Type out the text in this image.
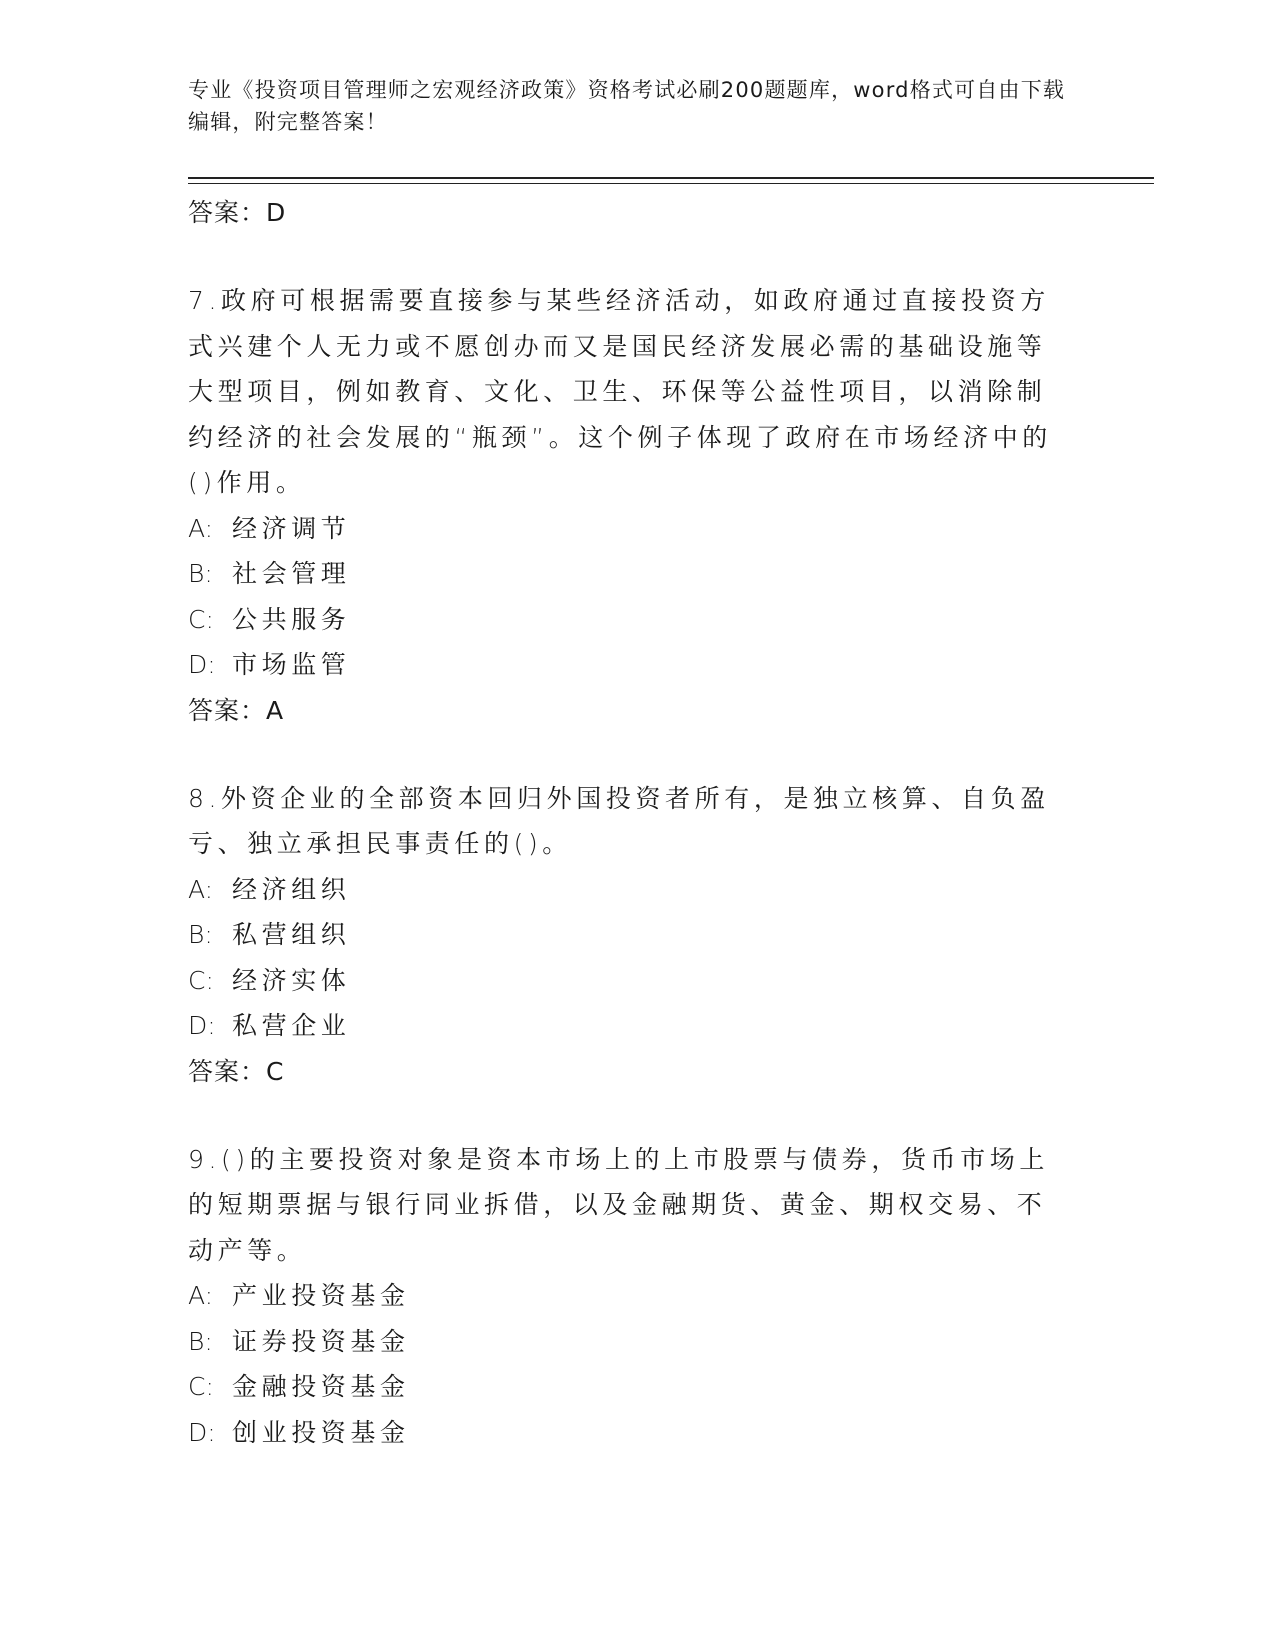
专业《投资项目管理师之宏观经济政策》资格考试必刷200题题库，word格式可自由下载编辑，附完整答案！
答案：D
7.政府可根据需要直接参与某些经济活动，如政府通过直接投资方式兴建个人无力或不愿创办而又是国民经济发展必需的基础设施等大型项目，例如教育、文化、卫生、环保等公益性项目，以消除制约经济的社会发展的“瓶颈”。这个例子体现了政府在市场经济中的()作用。
A: 经济调节
B: 社会管理
C: 公共服务
D: 市场监管
答案：A
8.外资企业的全部资本回归外国投资者所有，是独立核算、自负盈亏、独立承担民事责任的()。
A: 经济组织
B: 私营组织
C: 经济实体
D: 私营企业
答案：C
9.()的主要投资对象是资本市场上的上市股票与债券，货币市场上的短期票据与银行同业拆借，以及金融期货、黄金、期权交易、不动产等。
A: 产业投资基金
B: 证券投资基金
C: 金融投资基金
D: 创业投资基金
